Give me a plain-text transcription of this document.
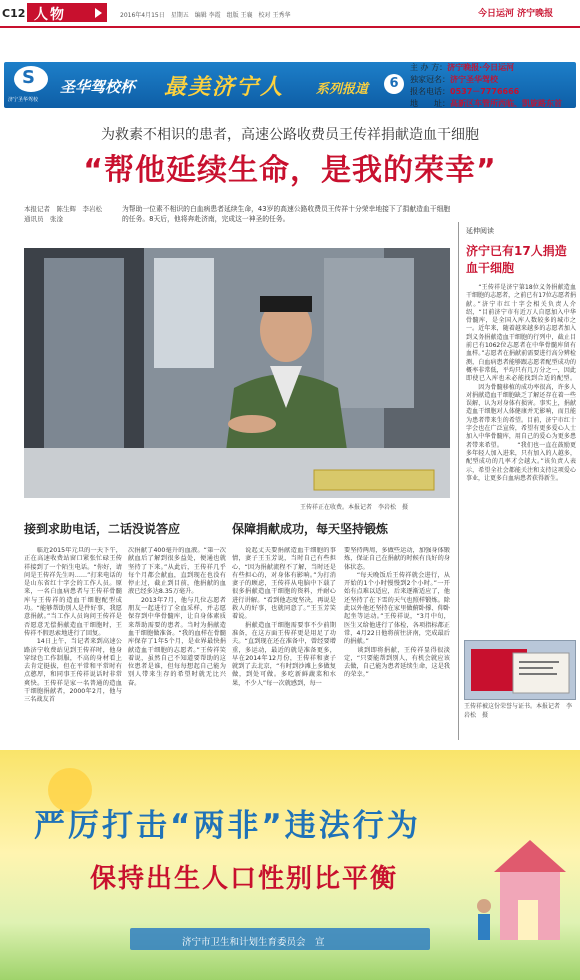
C12 人物	2016年4月15日　星期五　编辑 李霞　组版 王襄　校对 王秀华	今日运河 济宁晚报
S
济宁圣华驾校
圣华驾校杯 最美济宁人 系列报道	6
主 办 方：济宁晚报·今日运河
独家冠名：济宁圣华驾校
报名电话：0537－7776666
地　　址：高新区车管所西临、凯旋路东首
为救素不相识的患者，高速公路收费员王传祥捐献造血干细胞
“帮他延续生命，是我的荣幸”
本报记者　陈生辉　李岩松
通讯员　张淦
为帮助一位素不相识的白血病患者延续生命，43岁的高速公路收费员王传祥十分荣幸地接下了捐献造血干细胞的任务。8天后，他将奔赴济南，完成这一神圣的任务。
王传祥正在收费。本报记者　李岩松　摄
延伸阅读
济宁已有17人捐造血干细胞
　　“王传祥是济宁第18位义务捐献造血干细胞的志愿者，之前已有17位志愿者捐献。”济宁市红十字会相关负责人介绍，“目前济宁市有近万人自愿加入中华骨髓库，是全国入库人数较多的城市之一。近年来，随着越来越多的志愿者加入到义务捐献造血干细胞的行列中，截止目前已有1062位志愿者在中华骨髓库留有血样。”志愿者在捐献前需要进行高分辨检测，白血病患者能够跟志愿者配型成功的概率非常低，平均只有几万分之一，因此即使已入库也未必能找到合适的配型。 　　因为骨髓移植的成功率很高，许多人对捐献造血干细胞缺乏了解还存在着一些误解，认为对身体有损害。事实上，捐献造血干细胞对人体健康并无影响，而且能为患者带来生的希望。目前，济宁市红十字会也在广泛宣传，希望有更多爱心人士加入中华骨髓库，用自己的爱心为更多患者带来希望。 　　“我们也一直在鼓励更多年轻人加入进来，只有加入的人越多，配型成功的几率才会越大。”该负责人表示，希望全社会都能关注和支持这项爱心事业，让更多白血病患者获得新生。
王传祥被这份荣誉与证书。本报记者　李岩松　摄
接到求助电话，二话没说答应	保障捐献成功，每天坚持锻炼
　　临近2015年元旦的一天下午，正在高速收费站窗口紧张忙碌王传祥接到了一个陌生电话。“你好，请问是王传祥先生吗……”打来电话的是山东省红十字会的工作人员。原来，一名白血病患者与王传祥骨髓库与王传祥的造血干细胞配型成功。“能够帮助别人是件好事，我愿意捐献。”当工作人员询问王传祥是否愿意无偿捐献造血干细胞时，王传祥不假思索地进行了回复。
　　14日上午，当记者来到高速公路济宁收费站见到王传祥时，他身穿绿色工作制服，不高的身材看上去肯定挺拔，但在平常和平常时有点憨厚，和同事王传祥说话时非常爽快。王传祥是家一名普通的造血干细胞捐献者，2000年2月，他与三名战友首
次捐献了400毫升的血液。“第一次献血后了解到很多益处，便通也就坚持了下来。”从此后，王传祥几乎每个月都会献血，直到现在也没有停止过，截止到目前，他捐献的血液已经多达8.35万毫升。
　　2013年7月，他与几位志愿者朋友一起进行了全血采样，并志愿保存到中华骨髓库，让自身体素质来帮助需要的患者。当时为捐献造血干细胞做准备。“我的血样在骨髓库保存了1年5个月，是业界最快捐献造血干细胞的志愿者。”王传祥笑着说，虽然自己不知道要帮助的这位患者是谁，但每每想起自己能为别人带来生存的希望时就无比兴奋。
　　说起丈夫要捐献造血干细胞的事情，妻子王玉芳说，当时自己有些担心，“因为捐献流程不了解，当时还是有些担心的，对身体有影响。”为打消妻子的顾虑，王传祥从电脑中下载了很多捐献造血干细胞的资料，并耐心进行讲解。“看到他态度坚决，再说是救人的好事，也就同意了。”王玉芳笑着说。
　　捐献造血干细胞需要事不少前期准备，在这方面王传祥更是用足了功夫。“直到现在还在准备中，曾经要增重，多运动，最近的就是准备更多，早在2014年12月份，王传祥和妻子就到了去北京，“有时到沙滩上多做复做，到处可做。多吃新鲜蔬菜和水果，不少人”每一次就感到，每一
要坚持两周，多做些运动，加强身体锻炼，保证自己在捐献的时候有良好的身体状态。
　　“每天晚饭后王传祥就会进行，从开始的1个小时慢慢到2个小时。”一开始有点难以适应，后来逐渐适应了，他还坚持了在下雪的天气也照样锻炼。除此以外他还坚持在家里做俯卧撑、仰卧起坐等运动。”王传祥说，“3月中旬，医生又给他进行了体检，各项指标都正常，4月22日他将前往济南，完成最后的捐献。”
　　谈到即将捐献，王传祥显得很淡定，“只要能帮到别人，有机会就应该去做，自己能为患者延续生命，这是我的荣幸。”
严厉打击“两非”违法行为
保持出生人口性别比平衡
济宁市卫生和计划生育委员会　宣
